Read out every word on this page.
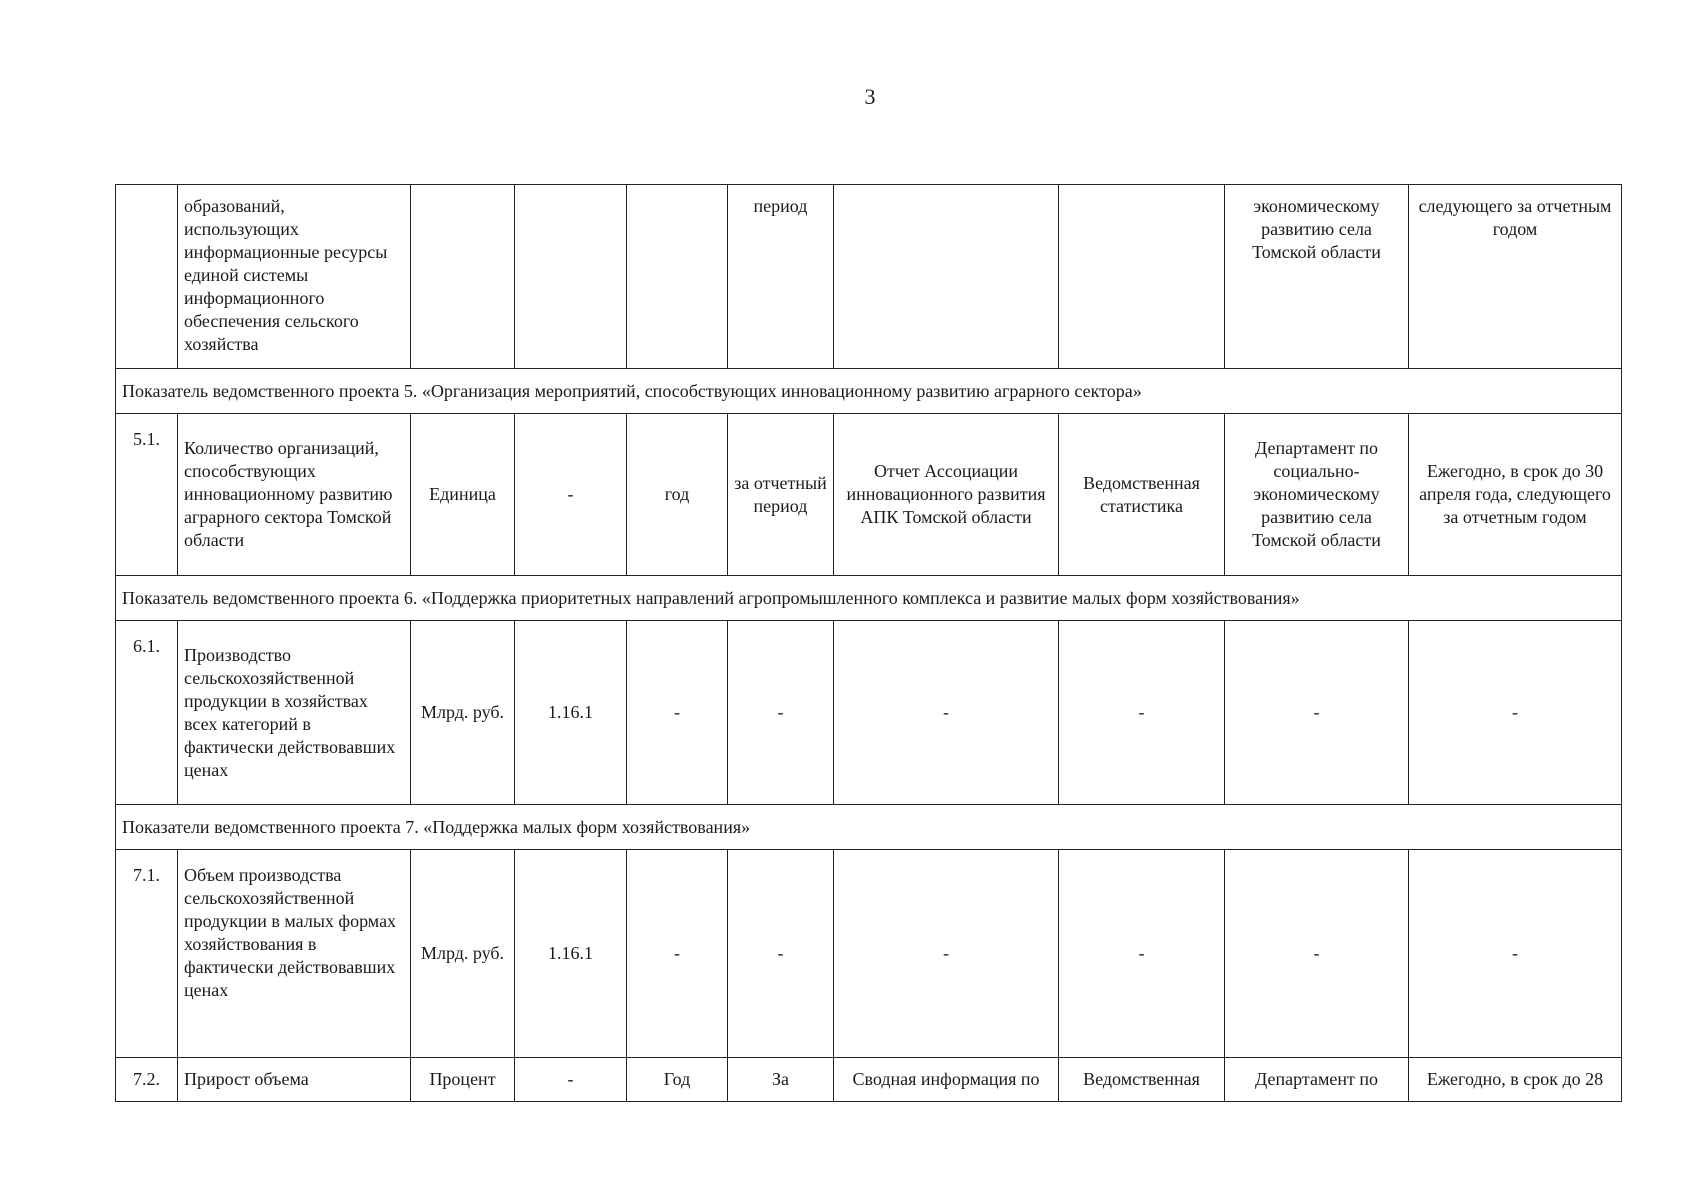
3
	образований, использующих информационные ресурсы единой системы информационного обеспечения сельского хозяйства				период			экономическому развитию села Томской области	следующего за отчетным годом
Показатель ведомственного проекта 5. «Организация мероприятий, способствующих инновационному развитию аграрного сектора»									
5.1.	Количество организаций, способствующих инновационному развитию аграрного сектора Томской области	Единица	-	год	за отчетный период	Отчет Ассоциации инновационного развития АПК Томской области	Ведомственная статистика	Департамент по социально-экономическому развитию села Томской области	Ежегодно, в срок до 30 апреля года, следующего за отчетным годом
Показатель ведомственного проекта 6. «Поддержка приоритетных направлений агропромышленного комплекса и развитие малых форм хозяйствования»									
6.1.	Производство сельскохозяйственной продукции в хозяйствах всех категорий в фактически действовавших ценах	Млрд. руб.	1.16.1	-	-	-	-	-	-
Показатели ведомственного проекта 7. «Поддержка малых форм хозяйствования»									
7.1.	Объем производства сельскохозяйственной продукции в малых формах хозяйствования в фактически действовавших ценах	Млрд. руб.	1.16.1	-	-	-	-	-	-
7.2.	Прирост объема	Процент	-	Год	За	Сводная информация по	Ведомственная	Департамент по	Ежегодно, в срок до 28
